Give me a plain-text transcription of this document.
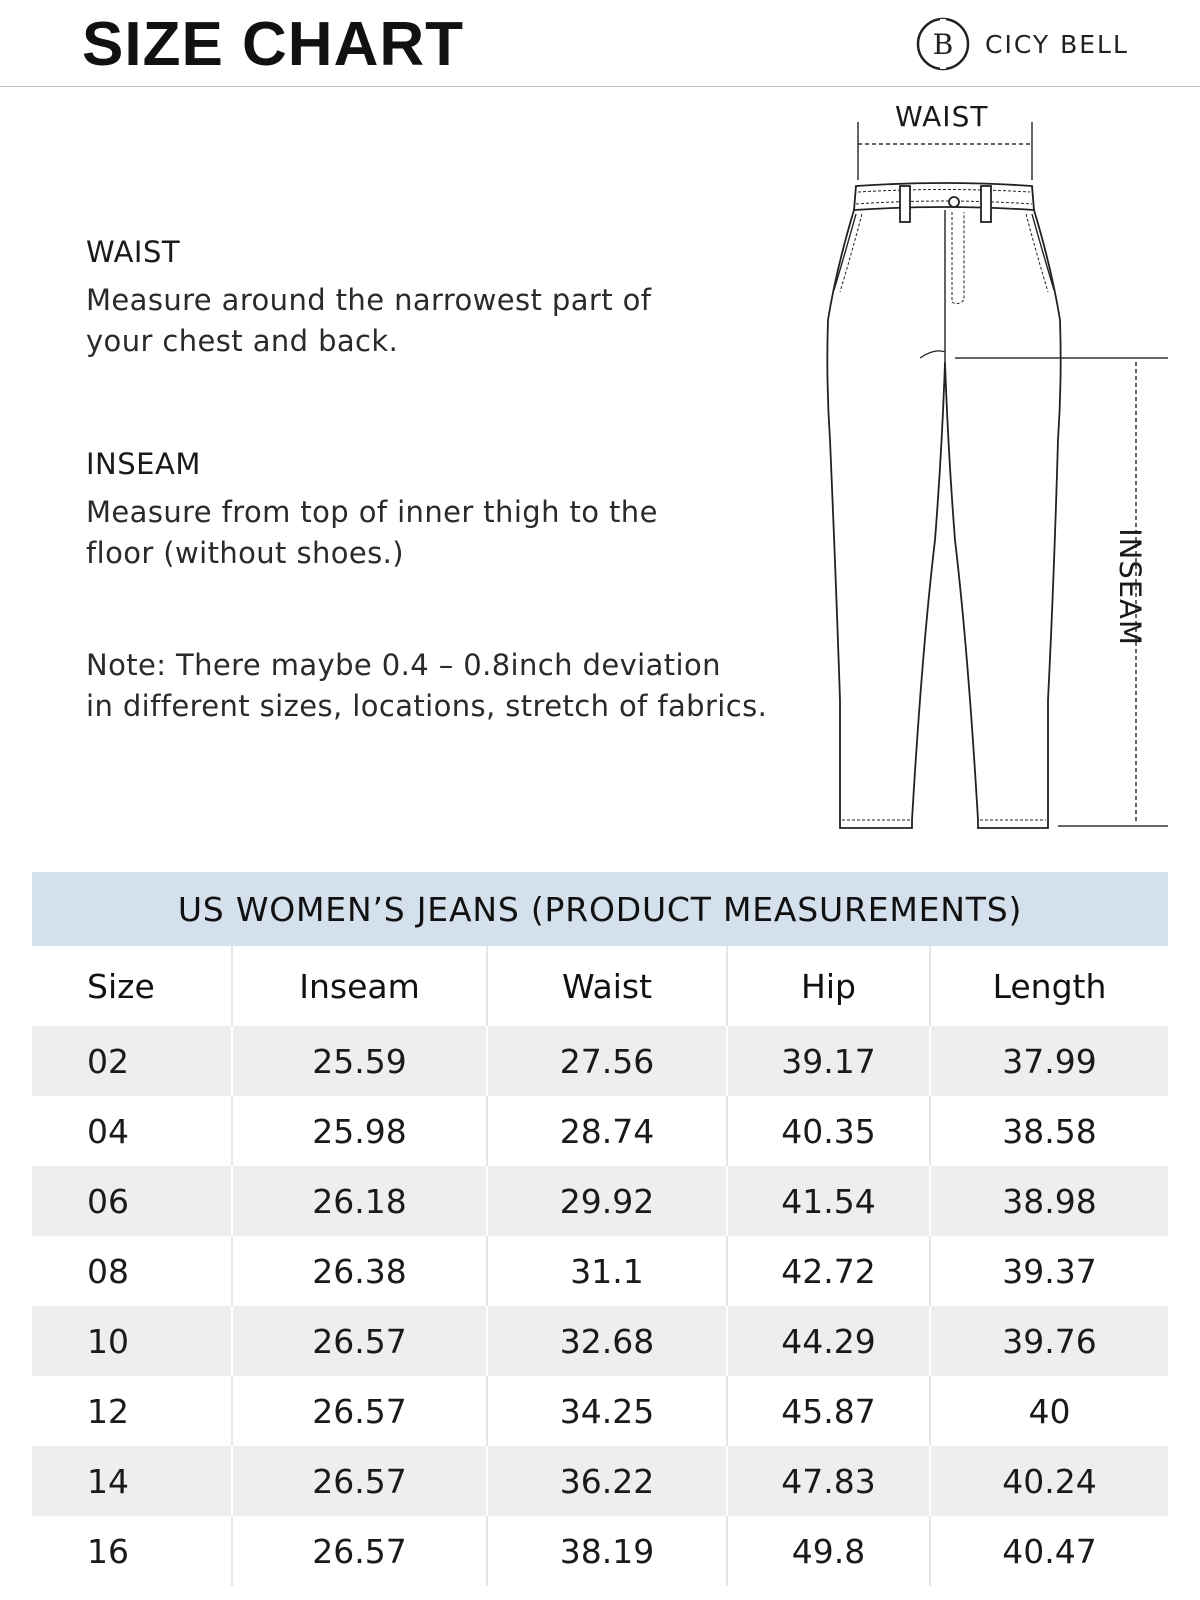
SIZE CHART	B CICY BELL
WAIST
Measure around the narrowest part of
your chest and back.
INSEAM
Measure from top of inner thigh to the
floor (without shoes.)
Note: There maybe 0.4 – 0.8inch deviation
in different sizes, locations, stretch of fabrics.
WAIST
INSEAM
US WOMEN’S JEANS (PRODUCT MEASUREMENTS)
Size	Inseam	Waist	Hip	Length
02	25.59	27.56	39.17	37.99
04	25.98	28.74	40.35	38.58
06	26.18	29.92	41.54	38.98
08	26.38	31.1	42.72	39.37
10	26.57	32.68	44.29	39.76
12	26.57	34.25	45.87	40
14	26.57	36.22	47.83	40.24
16	26.57	38.19	49.8	40.47
